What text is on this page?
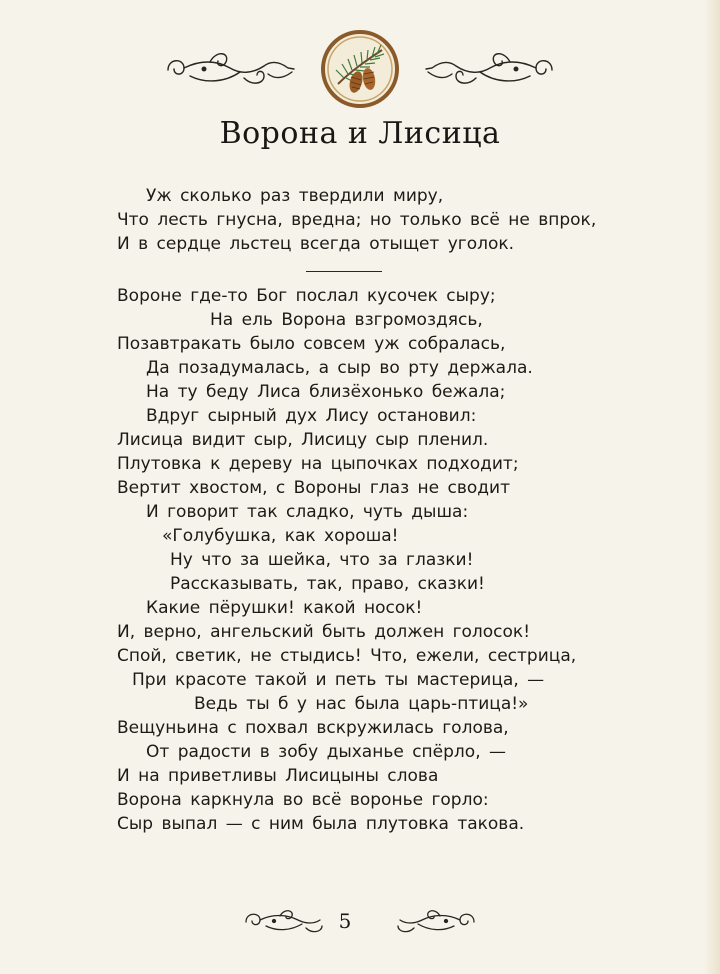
Ворона и Лисица
Уж сколько раз твердили миру,
Что лесть гнусна, вредна; но только всё не впрок,
И в сердце льстец всегда отыщет уголок.
Вороне где-то Бог послал кусочек сыру;
На ель Ворона взгромоздясь,
Позавтракать было совсем уж собралась,
Да позадумалась, а сыр во рту держала.
На ту беду Лиса близёхонько бежала;
Вдруг сырный дух Лису остановил:
Лисица видит сыр, Лисицу сыр пленил.
Плутовка к дереву на цыпочках подходит;
Вертит хвостом, с Вороны глаз не сводит
И говорит так сладко, чуть дыша:
«Голубушка, как хороша!
Ну что за шейка, что за глазки!
Рассказывать, так, право, сказки!
Какие пёрушки! какой носок!
И, верно, ангельский быть должен голосок!
Спой, светик, не стыдись! Что, ежели, сестрица,
При красоте такой и петь ты мастерица, —
Ведь ты б у нас была царь-птица!»
Вещуньина с похвал вскружилась голова,
От радости в зобу дыханье спёрло, —
И на приветливы Лисицыны слова
Ворона каркнула во всё воронье горло:
Сыр выпал — с ним была плутовка такова.
5
